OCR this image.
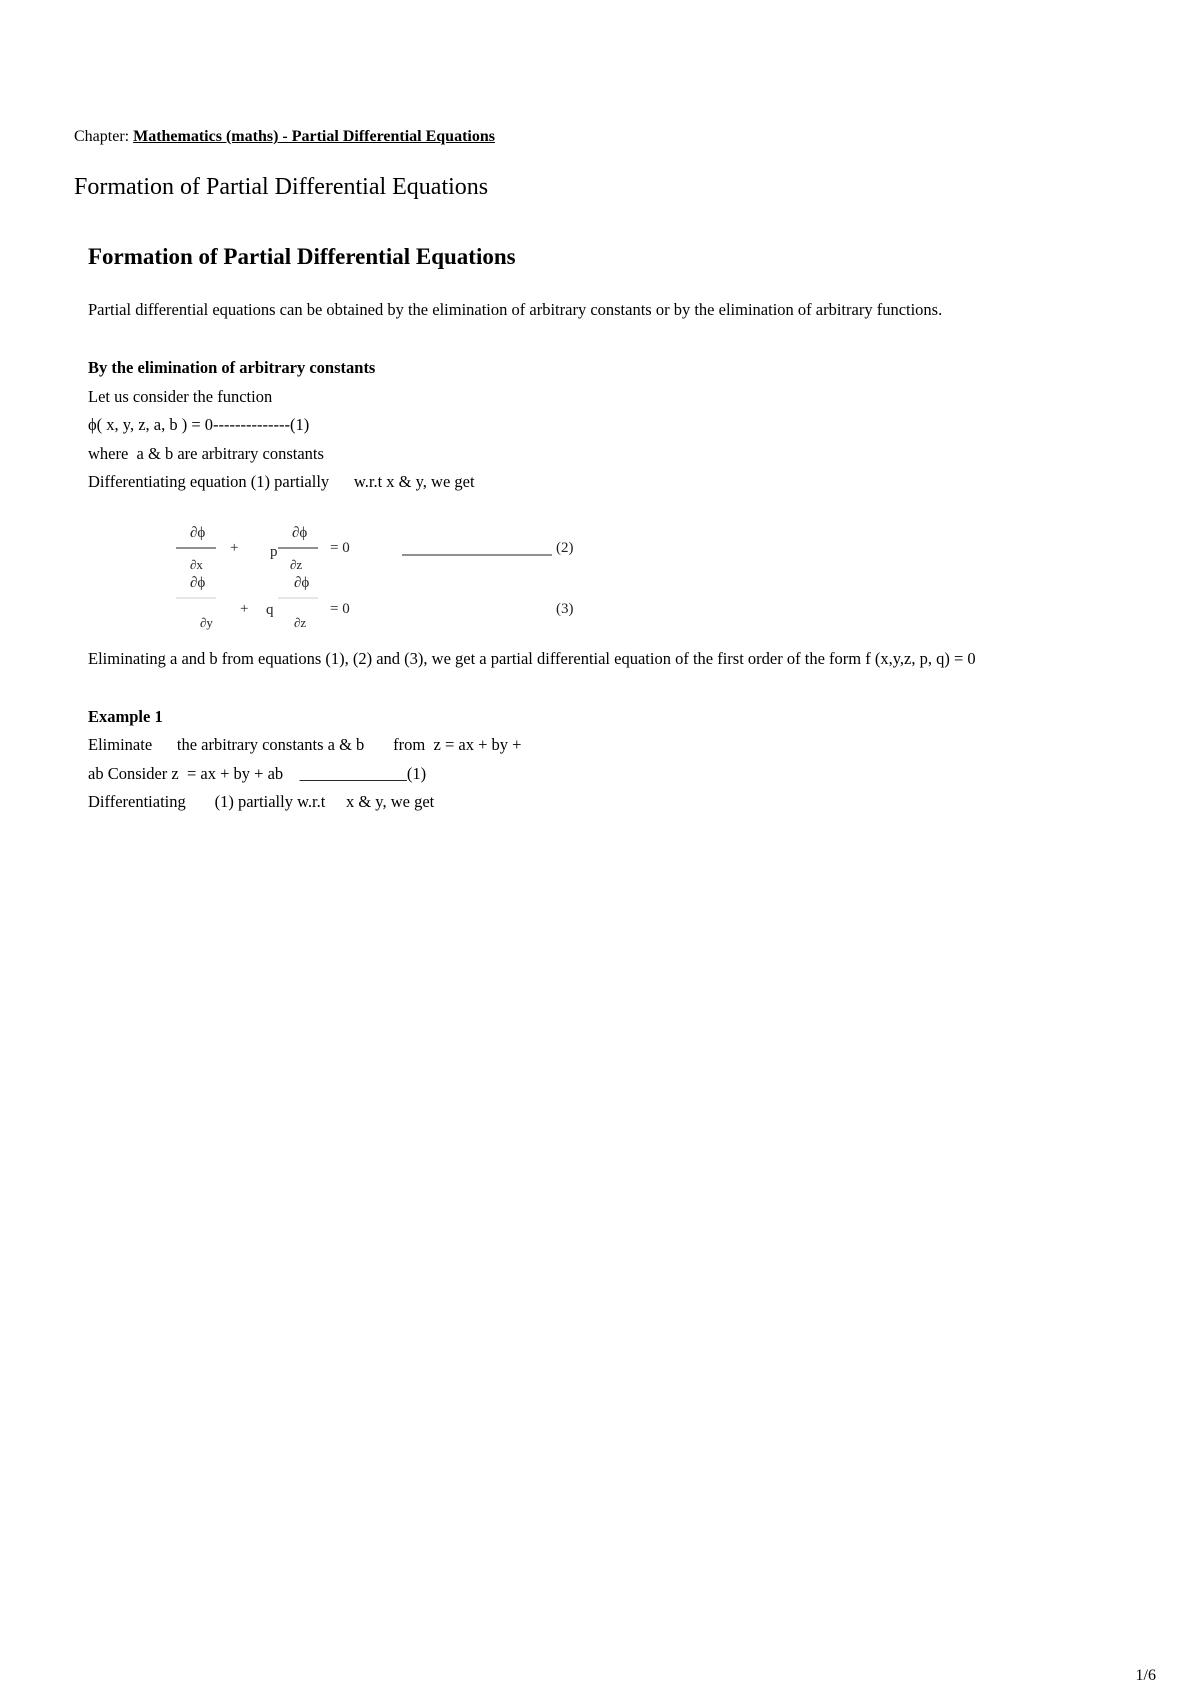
Chapter: Mathematics (maths) - Partial Differential Equations
Formation of Partial Differential Equations
Formation of Partial Differential Equations

Partial differential equations can be obtained by the elimination of arbitrary constants or by the elimination of arbitrary functions.

By the elimination of arbitrary constants
Let us consider the function
ϕ( x, y, z, a, b ) = 0--------------(1)
where  a & b are arbitrary constants
Differentiating equation (1) partially      w.r.t x & y, we get
∂ϕ
∂x
+ p
∂ϕ
∂z
= 0	(2)
∂ϕ
∂y
+ q
∂ϕ
∂z
= 0	(3)

Eliminating a and b from equations (1), (2) and (3), we get a partial differential equation of the first order of the form f (x,y,z, p, q) = 0

Example 1
Eliminate      the arbitrary constants a & b       from  z = ax + by +
ab Consider z  = ax + by + ab    _____________(1)
Differentiating       (1) partially w.r.t     x & y, we get
1/6
